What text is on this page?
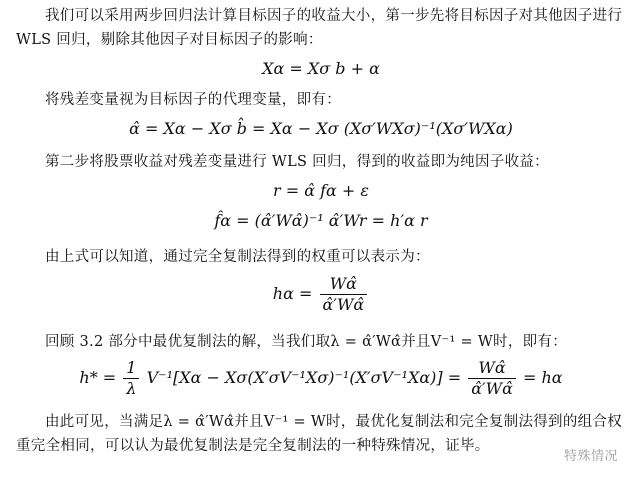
我们可以采用两步回归法计算目标因子的收益大小，第一步先将目标因子对其他因子进行 WLS 回归，剔除其他因子对目标因子的影响：
Xα = Xσ b + α
将残差变量视为目标因子的代理变量，即有：
α̂ = Xα − Xσ b̂ = Xα − Xσ (Xσ′WXσ)⁻¹(Xσ′WXα)
第二步将股票收益对残差变量进行 WLS 回归，得到的收益即为纯因子收益：
r = α̂ fα + ε
f̂α = (α̂′Wα̂)⁻¹ α̂′Wr = h′α r
由上式可以知道，通过完全复制法得到的权重可以表示为：
$h\alpha = \frac{W\alphâ}{\alphâ'W\alphâ}$
回顾 3.2 部分中最优复制法的解，当我们取λ = α̂′Wα̂并且V⁻¹ = W时，即有：
$h* = \frac{1}{\lambda} V^{-1}[X\alpha - X\sigma(X'\sigma V^{-1}X\sigma)^{-1}(X'\sigma V^{-1}X\alpha)] = \frac{W\alphâ}{\alphâ'W\alphâ} = h\alpha$
由此可见，当满足λ = α̂′Wα̂并且V⁻¹ = W时，最优化复制法和完全复制法得到的组合权重完全相同，可以认为最优复制法是完全复制法的一种特殊情况，证毕。
特殊情况
